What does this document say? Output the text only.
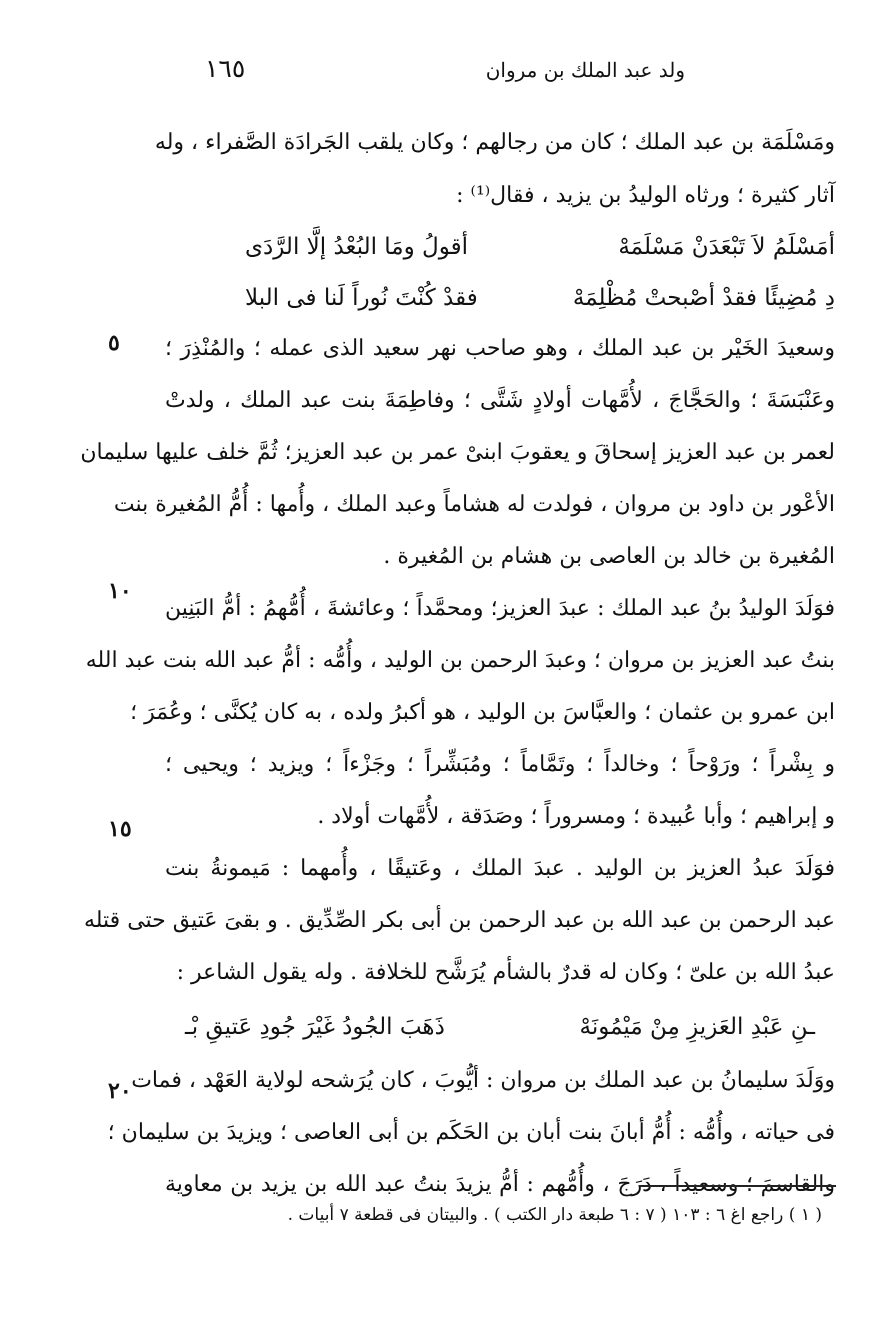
ولد عبد الملك بن مروان
١٦٥
ومَسْلَمَة بن عبد الملك ؛ كان من رجالهم ؛ وكان يلقب الجَرادَة الصَّفراء ، وله
آثار كثيرة ؛ ورثاه الوليدُ بن يزيد ، فقال⁽¹⁾ :
أمَسْلَمُ لاَ تَبْعَدَنْ مَسْلَمَهْ
أقولُ ومَا البُعْدُ إلَّا الرَّدَى
دِ مُضِيئًا فقدْ أصْبحتْ مُظْلِمَهْ
فقدْ كُنْتَ نُوراً لَنا فى البلا
وسعيدَ الخَيْر بن عبد الملك ، وهو صاحب نهر سعيد الذى عمله ؛ والمُنْذِرَ ؛
وعَنْبَسَةَ ؛ والحَجَّاجَ ، لأُمَّهات أولادٍ شَتَّى ؛ وفاطِمَةَ بنت عبد الملك ، ولدتْ
لعمر بن عبد العزيز إسحاقَ و يعقوبَ ابنىْ عمر بن عبد العزيز؛ ثُمَّ خلف عليها سليمان
الأعْور بن داود بن مروان ، فولدت له هشاماً وعبد الملك ، وأُمها : أُمُّ المُغيرة بنت
المُغيرة بن خالد بن العاصى بن هشام بن المُغيرة .
فوَلَدَ الوليدُ بنُ عبد الملك : عبدَ العزيز؛ ومحمَّداً ؛ وعائشةَ ، أُمُّهمُ : أمُّ البَنِين
بنتُ عبد العزيز بن مروان ؛ وعبدَ الرحمن بن الوليد ، وأُمُّه : أمُّ عبد الله بنت عبد الله
ابن عمرو بن عثمان ؛ والعبَّاسَ بن الوليد ، هو أكبرُ ولده ، به كان يُكنَّى ؛ وعُمَرَ ؛
و بِشْراً ؛ ورَوْحاً ؛ وخالداً ؛ وتَمَّاماً ؛ ومُبَشِّراً ؛ وجَزْءاً ؛ ويزيد ؛ ويحيى ؛
و إبراهيم ؛ وأبا عُبيدة ؛ ومسروراً ؛ وصَدَقة ، لأُمَّهات أولاد .
فوَلَدَ عبدُ العزيز بن الوليد . عبدَ الملك ، وعَتيقًا ، وأُمهما : مَيمونةُ بنت
عبد الرحمن بن عبد الله بن عبد الرحمن بن أبى بكر الصِّدِّيق . و بقىَ عَتيق حتى قتله
عبدُ الله بن علىّ ؛ وكان له قدرٌ بالشأم يُرَشَّح للخلافة . وله يقول الشاعر :
ـنِ عَبْدِ العَزيزِ مِنْ مَيْمُونَهْ
ذَهَبَ الجُودُ غَيْرَ جُودِ عَتيقِ بْـ
ووَلَدَ سليمانُ بن عبد الملك بن مروان : أيُّوبَ ، كان يُرَشحه لولاية العَهْد ، فمات
فى حياته ، وأُمُّه : أُمُّ أبانَ بنت أبان بن الحَكَم بن أبى العاصى ؛ ويزيدَ بن سليمان ؛
والقاسمَ ؛ وسعيداً ، دَرَجَ ، وأُمُّهم : أمُّ يزيدَ بنتُ عبد الله بن يزيد بن معاوية
٥
١٠
١٥
٢٠
( ١ ) راجع اغ ٦ : ١٠٣ ( ٧ : ٦ طبعة دار الكتب ) . والبيتان فى قطعة ٧ أبيات .
